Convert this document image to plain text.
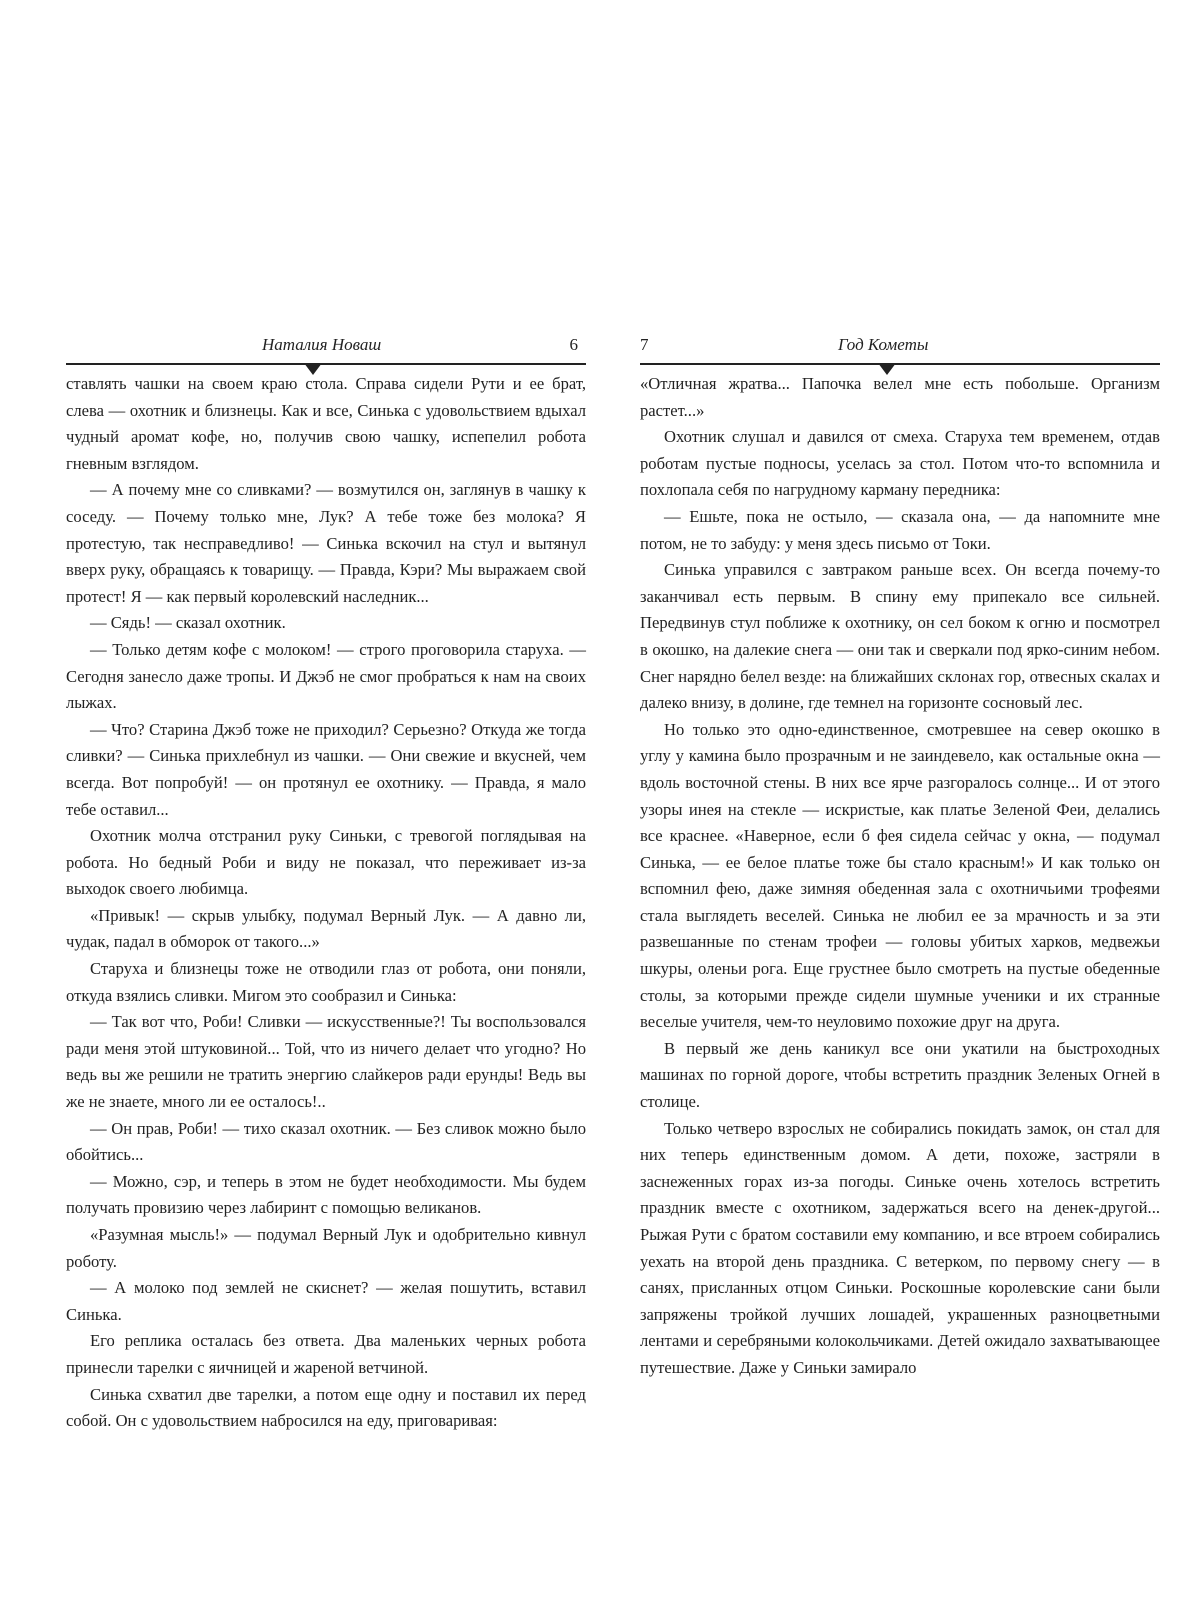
Наталия Новаш	6

ставлять чашки на своем краю стола. Справа сидели Рути и ее брат, слева — охотник и близнецы. Как и все, Синька с удовольствием вдыхал чудный аромат кофе, но, получив свою чашку, испепелил робота гневным взглядом.

— А почему мне со сливками? — возмутился он, заглянув в чашку к соседу. — Почему только мне, Лук? А тебе тоже без молока? Я протестую, так несправедливо! — Синька вскочил на стул и вытянул вверх руку, обращаясь к товарищу. — Правда, Кэри? Мы выражаем свой протест! Я — как первый королевский наследник...

— Сядь! — сказал охотник.

— Только детям кофе с молоком! — строго проговорила старуха. — Сегодня занесло даже тропы. И Джэб не смог пробраться к нам на своих лыжах.

— Что? Старина Джэб тоже не приходил? Серьезно? Откуда же тогда сливки? — Синька прихлебнул из чашки. — Они свежие и вкусней, чем всегда. Вот попробуй! — он протянул ее охотнику. — Правда, я мало тебе оставил...

Охотник молча отстранил руку Синьки, с тревогой поглядывая на робота. Но бедный Роби и виду не показал, что переживает из-за выходок своего любимца.

«Привык! — скрыв улыбку, подумал Верный Лук. — А давно ли, чудак, падал в обморок от такого...»

Старуха и близнецы тоже не отводили глаз от робота, они поняли, откуда взялись сливки. Мигом это сообразил и Синька:

— Так вот что, Роби! Сливки — искусственные?! Ты воспользовался ради меня этой штуковиной... Той, что из ничего делает что угодно? Но ведь вы же решили не тратить энергию слайкеров ради ерунды! Ведь вы же не знаете, много ли ее осталось!..

— Он прав, Роби! — тихо сказал охотник. — Без сливок можно было обойтись...

— Можно, сэр, и теперь в этом не будет необходимости. Мы будем получать провизию через лабиринт с помощью великанов.

«Разумная мысль!» — подумал Верный Лук и одобрительно кивнул роботу.

— А молоко под землей не скиснет? — желая пошутить, вставил Синька.

Его реплика осталась без ответа. Два маленьких черных робота принесли тарелки с яичницей и жареной ветчиной.

Синька схватил две тарелки, а потом еще одну и поставил их перед собой. Он с удовольствием набросился на еду, приговаривая:

7	Год Кометы

«Отличная жратва... Папочка велел мне есть побольше. Организм растет...»

Охотник слушал и давился от смеха. Старуха тем временем, отдав роботам пустые подносы, уселась за стол. Потом что-то вспомнила и похлопала себя по нагрудному карману передника:

— Ешьте, пока не остыло, — сказала она, — да напомните мне потом, не то забуду: у меня здесь письмо от Токи.

Синька управился с завтраком раньше всех. Он всегда почему-то заканчивал есть первым. В спину ему припекало все сильней. Передвинув стул поближе к охотнику, он сел боком к огню и посмотрел в окошко, на далекие снега — они так и сверкали под ярко-синим небом. Снег нарядно белел везде: на ближайших склонах гор, отвесных скалах и далеко внизу, в долине, где темнел на горизонте сосновый лес.

Но только это одно-единственное, смотревшее на север окошко в углу у камина было прозрачным и не заиндевело, как остальные окна — вдоль восточной стены. В них все ярче разгоралось солнце... И от этого узоры инея на стекле — искристые, как платье Зеленой Феи, делались все краснее. «Наверное, если б фея сидела сейчас у окна, — подумал Синька, — ее белое платье тоже бы стало красным!» И как только он вспомнил фею, даже зимняя обеденная зала с охотничьими трофеями стала выглядеть веселей. Синька не любил ее за мрачность и за эти развешанные по стенам трофеи — головы убитых харков, медвежьи шкуры, оленьи рога. Еще грустнее было смотреть на пустые обеденные столы, за которыми прежде сидели шумные ученики и их странные веселые учителя, чем-то неуловимо похожие друг на друга.

В первый же день каникул все они укатили на быстроходных машинах по горной дороге, чтобы встретить праздник Зеленых Огней в столице.

Только четверо взрослых не собирались покидать замок, он стал для них теперь единственным домом. А дети, похоже, застряли в заснеженных горах из-за погоды. Синьке очень хотелось встретить праздник вместе с охотником, задержаться всего на денек-другой... Рыжая Рути с братом составили ему компанию, и все втроем собирались уехать на второй день праздника. С ветерком, по первому снегу — в санях, присланных отцом Синьки. Роскошные королевские сани были запряжены тройкой лучших лошадей, украшенных разноцветными лентами и серебряными колокольчиками. Детей ожидало захватывающее путешествие. Даже у Синьки замирало
